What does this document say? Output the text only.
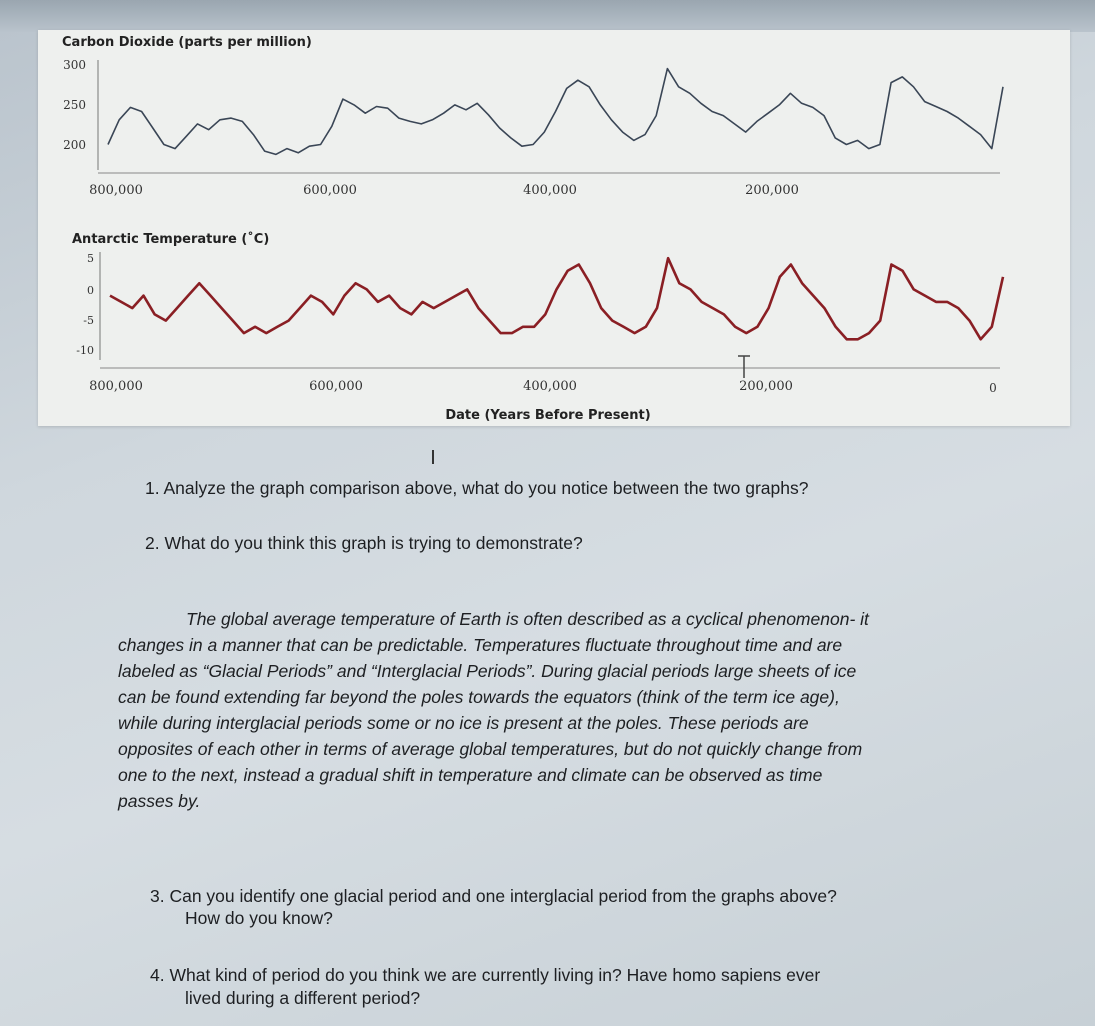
Carbon Dioxide (parts per million)
300
250
200
800,000	600,000	400,000	200,000
Antarctic Temperature (˚C)
5
0
-5
-10
800,000	600,000	400,000	200,000	0
Date (Years Before Present)
1. Analyze the graph comparison above, what do you notice between the two graphs?
2. What do you think this graph is trying to demonstrate?
The global average temperature of Earth is often described as a cyclical phenomenon- it
changes in a manner that can be predictable. Temperatures fluctuate throughout time and are
labeled as “Glacial Periods” and “Interglacial Periods”. During glacial periods large sheets of ice
can be found extending far beyond the poles towards the equators (think of the term ice age),
while during interglacial periods some or no ice is present at the poles. These periods are
opposites of each other in terms of average global temperatures, but do not quickly change from
one to the next, instead a gradual shift in temperature and climate can be observed as time
passes by.
3. Can you identify one glacial period and one interglacial period from the graphs above?
How do you know?
4. What kind of period do you think we are currently living in? Have homo sapiens ever
lived during a different period?
